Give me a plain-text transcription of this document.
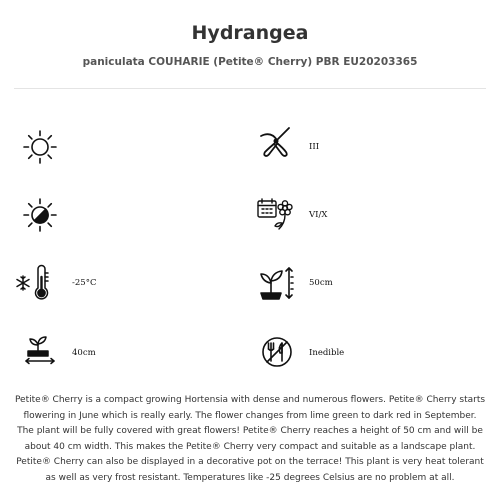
Hydrangea
paniculata COUHARIE (Petite® Cherry) PBR EU20203365
III
VI/X
-25°C	50cm
40cm	Inedible
Petite® Cherry is a compact growing Hortensia with dense and numerous flowers. Petite® Cherry starts flowering in June which is really early. The flower changes from lime green to dark red in September. The plant will be fully covered with great flowers! Petite® Cherry reaches a height of 50 cm and will be about 40 cm width. This makes the Petite® Cherry very compact and suitable as a landscape plant. Petite® Cherry can also be displayed in a decorative pot on the terrace! This plant is very heat tolerant as well as very frost resistant. Temperatures like -25 degrees Celsius are no problem at all.
